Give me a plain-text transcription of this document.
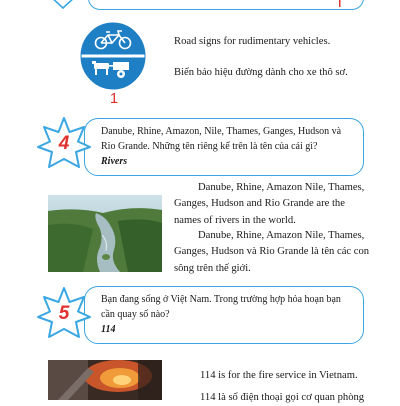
1
Road signs for rudimentary vehicles.
Biển báo hiệu đường dành cho xe thô sơ.
Danube, Rhine, Amazon, Nile, Thames, Ganges, Hudson và Rio Grande. Những tên riêng kể trên là tên của cái gì?
Rivers
4
Danube, Rhine, Amazon Nile, Thames, Ganges, Hudson and Rio Grande are the names of rivers in the world.
Danube, Rhine, Amazon Nile, Thames, Ganges, Hudson và Rio Grande là tên các con sông trên thế giới.
Bạn đang sống ở Việt Nam. Trong trường hợp hỏa hoạn bạn cần quay số nào?
114
5
114 is for the fire service in Vietnam.
114 là số điện thoại gọi cơ quan phòng
